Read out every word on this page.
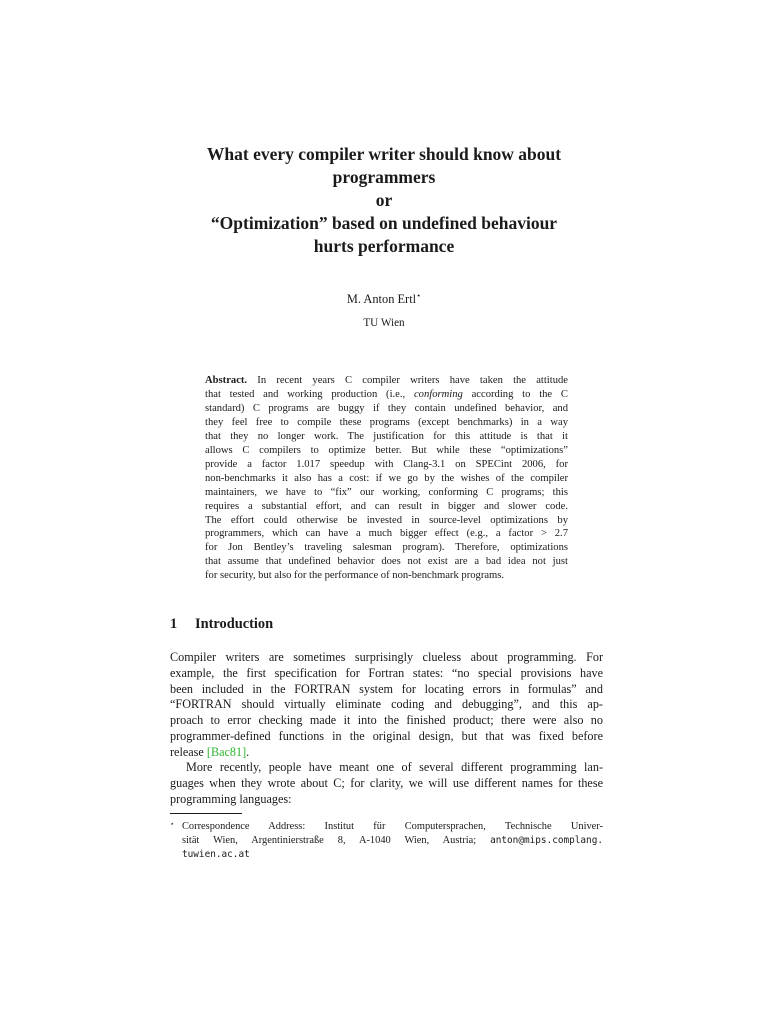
What every compiler writer should know about
programmers
or
“Optimization” based on undefined behaviour
hurts performance
M. Anton Ertl⋆
TU Wien
Abstract. In recent years C compiler writers have taken the attitude
that tested and working production (i.e., conforming according to the C
standard) C programs are buggy if they contain undefined behavior, and
they feel free to compile these programs (except benchmarks) in a way
that they no longer work. The justification for this attitude is that it
allows C compilers to optimize better. But while these “optimizations”
provide a factor 1.017 speedup with Clang-3.1 on SPECint 2006, for
non-benchmarks it also has a cost: if we go by the wishes of the compiler
maintainers, we have to “fix” our working, conforming C programs; this
requires a substantial effort, and can result in bigger and slower code.
The effort could otherwise be invested in source-level optimizations by
programmers, which can have a much bigger effect (e.g., a factor > 2.7
for Jon Bentley’s traveling salesman program). Therefore, optimizations
that assume that undefined behavior does not exist are a bad idea not just
for security, but also for the performance of non-benchmark programs.
1 Introduction
Compiler writers are sometimes surprisingly clueless about programming. For
example, the first specification for Fortran states: “no special provisions have
been included in the FORTRAN system for locating errors in formulas” and
“FORTRAN should virtually eliminate coding and debugging”, and this ap-
proach to error checking made it into the finished product; there were also no
programmer-defined functions in the original design, but that was fixed before
release [Bac81].
More recently, people have meant one of several different programming lan-
guages when they wrote about C; for clarity, we will use different names for these
programming languages:
⋆ Correspondence Address: Institut für Computersprachen, Technische Univer-
sität Wien, Argentinierstraße 8, A-1040 Wien, Austria; anton@mips.complang.
tuwien.ac.at
